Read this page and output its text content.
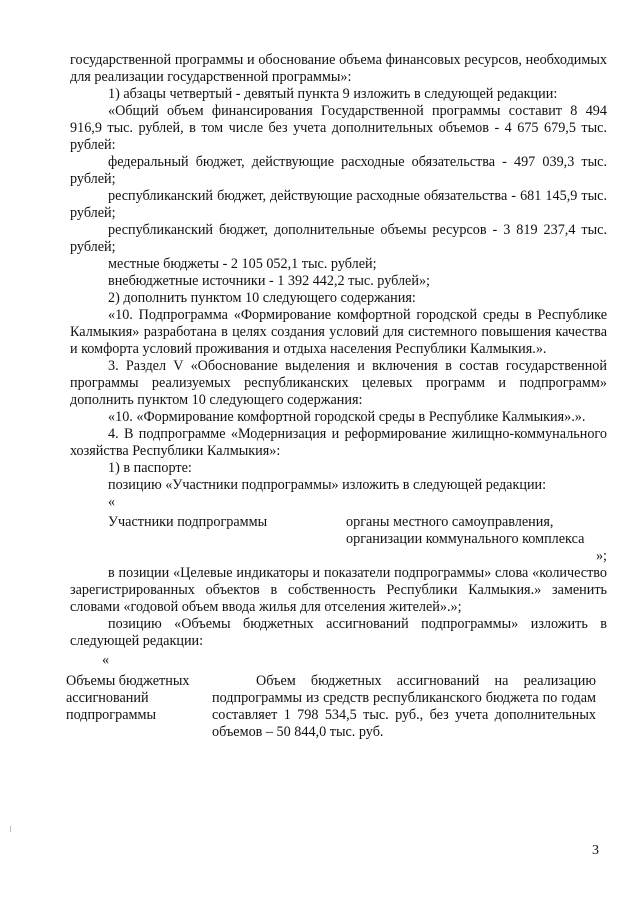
государственной программы и обоснование объема финансовых ресурсов, необходимых для реализации государственной программы»:

1) абзацы четвертый - девятый пункта 9 изложить в следующей редакции:

«Общий объем финансирования Государственной программы составит 8 494 916,9 тыс. рублей, в том числе без учета дополнительных объемов - 4 675 679,5 тыс. рублей:

федеральный бюджет, действующие расходные обязательства - 497 039,3 тыс. рублей;

республиканский бюджет, действующие расходные обязательства - 681 145,9 тыс. рублей;

республиканский бюджет, дополнительные объемы ресурсов - 3 819 237,4 тыс. рублей;

местные бюджеты - 2 105 052,1 тыс. рублей;

внебюджетные источники - 1 392 442,2 тыс. рублей»;

2) дополнить пунктом 10 следующего содержания:

«10. Подпрограмма «Формирование комфортной городской среды в Республике Калмыкия» разработана в целях создания условий для системного повышения качества и комфорта условий проживания и отдыха населения Республики Калмыкия.».

3. Раздел V «Обоснование выделения и включения в состав государственной программы реализуемых республиканских целевых программ и подпрограмм» дополнить пунктом 10 следующего содержания:

«10. «Формирование комфортной городской среды в Республике Калмыкия».».

4. В подпрограмме «Модернизация и реформирование жилищно-коммунального хозяйства Республики Калмыкия»:

1) в паспорте:

позицию «Участники подпрограммы» изложить в следующей редакции:

«

Участники подпрограммы	органы местного самоуправления,
организации коммунального комплекса

»;

в позиции «Целевые индикаторы и показатели подпрограммы» слова «количество зарегистрированных объектов в собственность Республики Калмыкия.» заменить словами «годовой объем ввода жилья для отселения жителей».»;

позицию «Объемы бюджетных ассигнований подпрограммы» изложить в следующей редакции:

«

Объемы бюджетных
ассигнований
подпрограммы
Объем бюджетных ассигнований на реализацию подпрограммы из средств республиканского бюджета по годам составляет 1 798 534,5 тыс. руб., без учета дополнительных объемов – 50 844,0 тыс. руб.
3
